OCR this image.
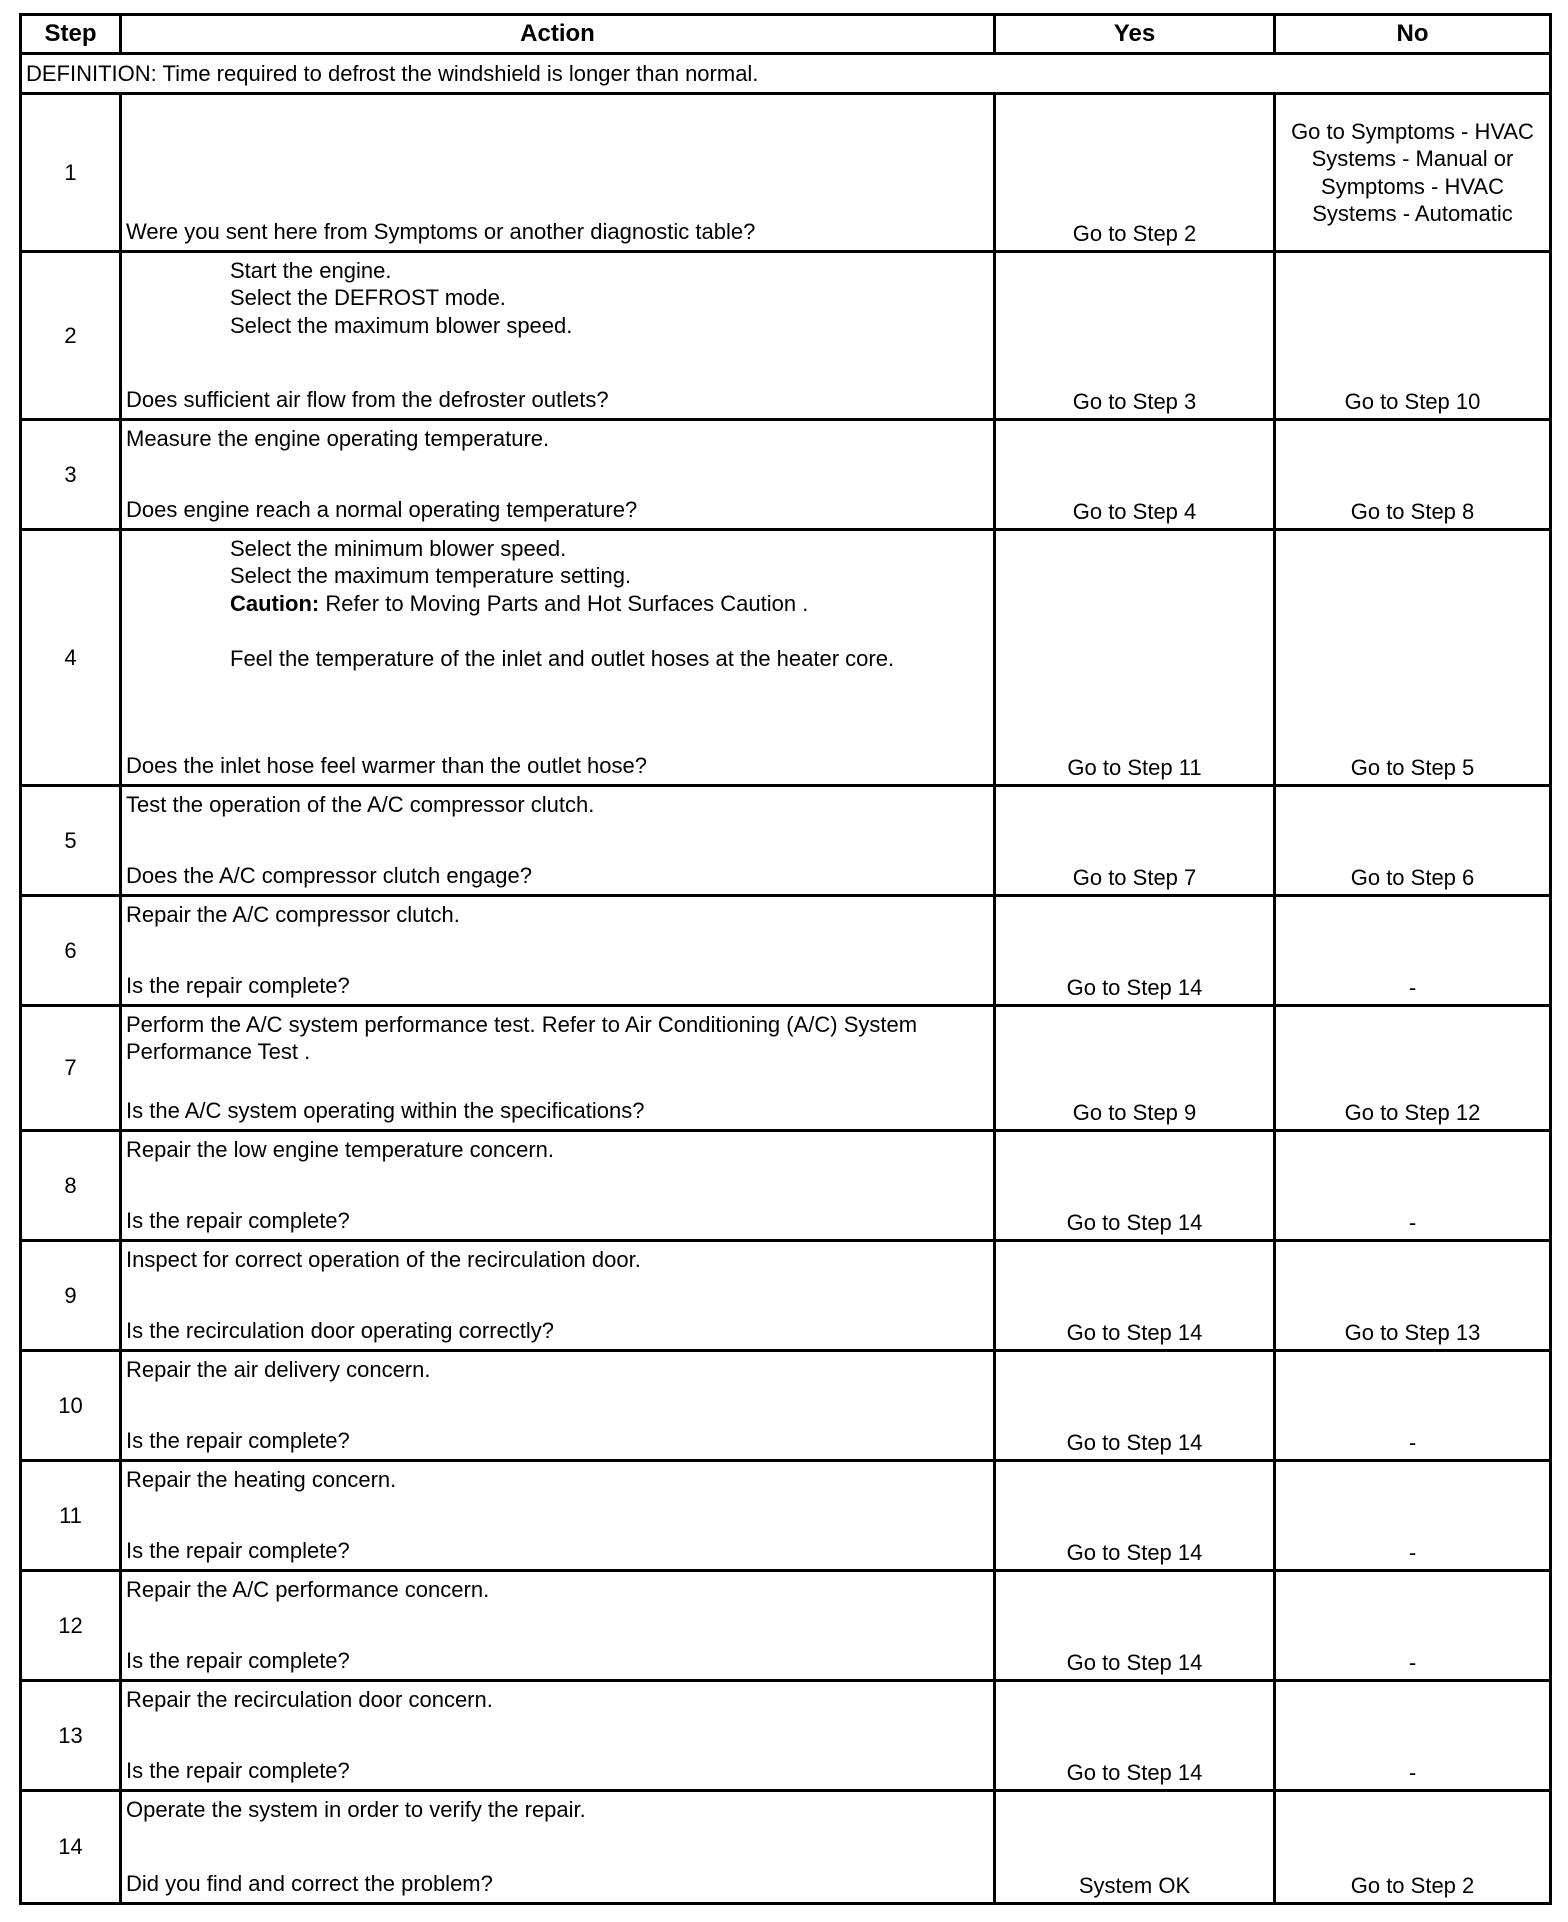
Step	Action	Yes	No
DEFINITION: Time required to defrost the windshield is longer than normal.			
1	Were you sent here from Symptoms or another diagnostic table?	Go to Step 2	Go to Symptoms - HVAC Systems - Manual or Symptoms - HVAC Systems - Automatic
2	Start the engine.
Select the DEFROST mode.
Select the maximum blower speed.
Does sufficient air flow from the defroster outlets?	Go to Step 3	Go to Step 10
3	Measure the engine operating temperature.
Does engine reach a normal operating temperature?	Go to Step 4	Go to Step 8
4	Select the minimum blower speed.
Select the maximum temperature setting.
Caution: Refer to Moving Parts and Hot Surfaces Caution .
Feel the temperature of the inlet and outlet hoses at the heater core.
Does the inlet hose feel warmer than the outlet hose?	Go to Step 11	Go to Step 5
5	Test the operation of the A/C compressor clutch.
Does the A/C compressor clutch engage?	Go to Step 7	Go to Step 6
6	Repair the A/C compressor clutch.
Is the repair complete?	Go to Step 14	-
7	Perform the A/C system performance test. Refer to Air Conditioning (A/C) System Performance Test .
Is the A/C system operating within the specifications?	Go to Step 9	Go to Step 12
8	Repair the low engine temperature concern.
Is the repair complete?	Go to Step 14	-
9	Inspect for correct operation of the recirculation door.
Is the recirculation door operating correctly?	Go to Step 14	Go to Step 13
10	Repair the air delivery concern.
Is the repair complete?	Go to Step 14	-
11	Repair the heating concern.
Is the repair complete?	Go to Step 14	-
12	Repair the A/C performance concern.
Is the repair complete?	Go to Step 14	-
13	Repair the recirculation door concern.
Is the repair complete?	Go to Step 14	-
14	Operate the system in order to verify the repair.
Did you find and correct the problem?	System OK	Go to Step 2
